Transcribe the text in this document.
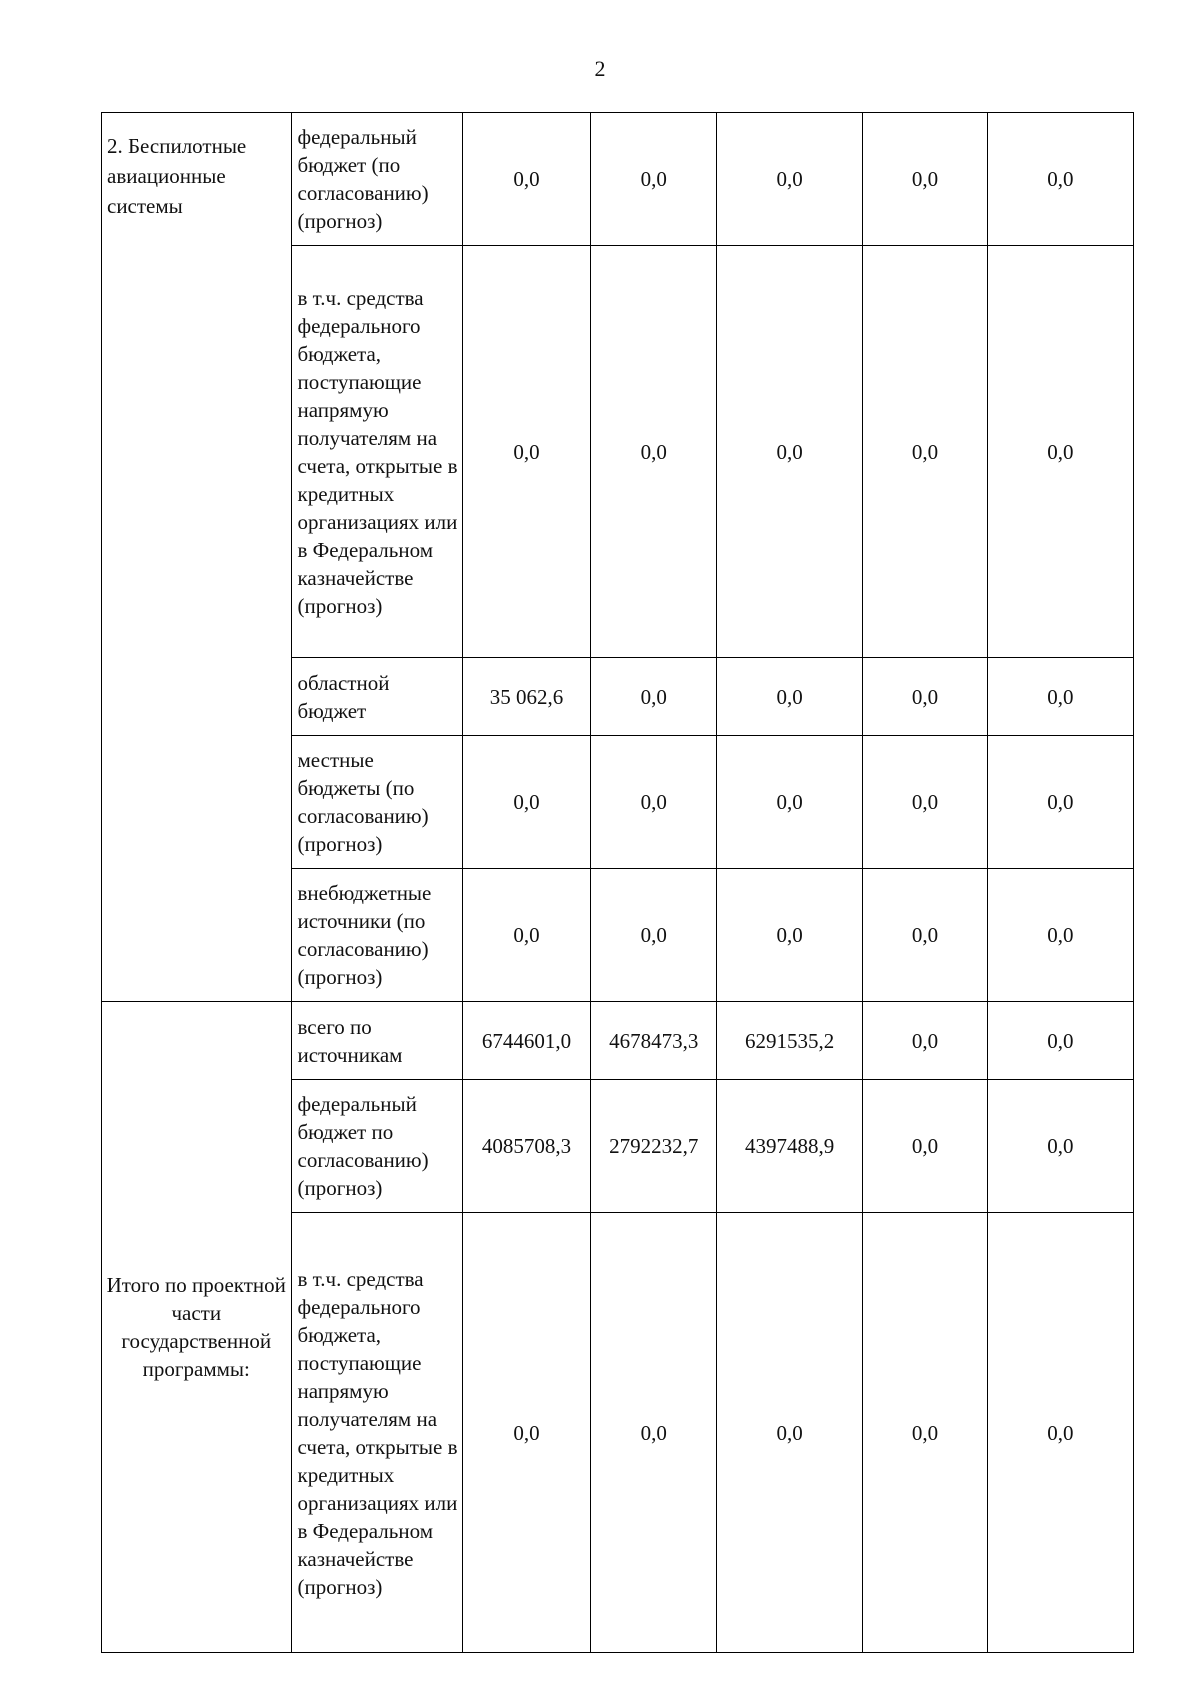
2
2. Беспилотные авиационные системы	федеральный бюджет (по согласованию) (прогноз)	0,0	0,0	0,0	0,0	0,0
	в т.ч. средства федерального бюджета, поступающие напрямую получателям на счета, открытые в кредитных организациях или в Федеральном казначействе (прогноз)	0,0	0,0	0,0	0,0	0,0
	областной бюджет	35 062,6	0,0	0,0	0,0	0,0
	местные бюджеты (по согласованию) (прогноз)	0,0	0,0	0,0	0,0	0,0
	внебюджетные источники (по согласованию) (прогноз)	0,0	0,0	0,0	0,0	0,0
Итого по проектной части государственной программы:	всего по источникам	6744601,0	4678473,3	6291535,2	0,0	0,0
	федеральный бюджет по согласованию) (прогноз)	4085708,3	2792232,7	4397488,9	0,0	0,0
	в т.ч. средства федерального бюджета, поступающие напрямую получателям на счета, открытые в кредитных организациях или в Федеральном казначействе (прогноз)	0,0	0,0	0,0	0,0	0,0
